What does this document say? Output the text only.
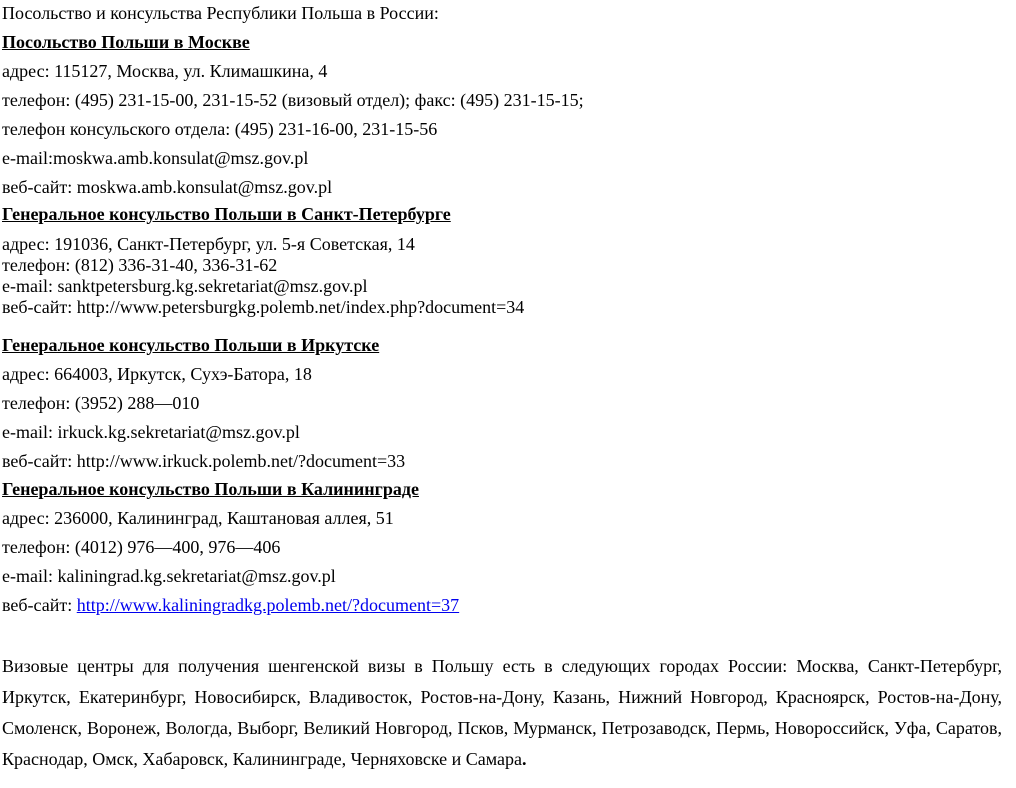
Посольство и консульства Республики Польша в России:

Посольство Польши в Москве

адрес: 115127, Москва, ул. Климашкина, 4

телефон: (495) 231-15-00, 231-15-52 (визовый отдел); факс: (495) 231-15-15;

телефон консульского отдела: (495) 231-16-00, 231-15-56

e-mail:moskwa.amb.konsulat@msz.gov.pl

веб-сайт: moskwa.amb.konsulat@msz.gov.pl

Генеральное консульство Польши в Санкт-Петербурге

адрес: 191036, Санкт-Петербург, ул. 5-я Советская, 14

телефон: (812) 336-31-40, 336-31-62

e-mail: sanktpetersburg.kg.sekretariat@msz.gov.pl

веб-сайт: http://www.petersburgkg.polemb.net/index.php?document=34

Генеральное консульство Польши в Иркутске

адрес: 664003, Иркутск, Сухэ-Батора, 18

телефон: (3952) 288—010

e-mail: irkuck.kg.sekretariat@msz.gov.pl

веб-сайт: http://www.irkuck.polemb.net/?document=33

Генеральное консульство Польши в Калининграде

адрес: 236000, Калининград, Каштановая аллея, 51

телефон: (4012) 976—400, 976—406

e-mail: kaliningrad.kg.sekretariat@msz.gov.pl

веб-сайт: http://www.kaliningradkg.polemb.net/?document=37

Визовые центры для получения шенгенской визы в Польшу есть в следующих городах России: Москва, Санкт-Петербург, Иркутск, Екатеринбург, Новосибирск, Владивосток, Ростов-на-Дону, Казань, Нижний Новгород, Красноярск, Ростов-на-Дону, Смоленск, Воронеж, Вологда, Выборг, Великий Новгород, Псков, Мурманск, Петрозаводск, Пермь, Новороссийск, Уфа, Саратов, Краснодар, Омск, Хабаровск, Калининграде, Черняховске и Самара.
